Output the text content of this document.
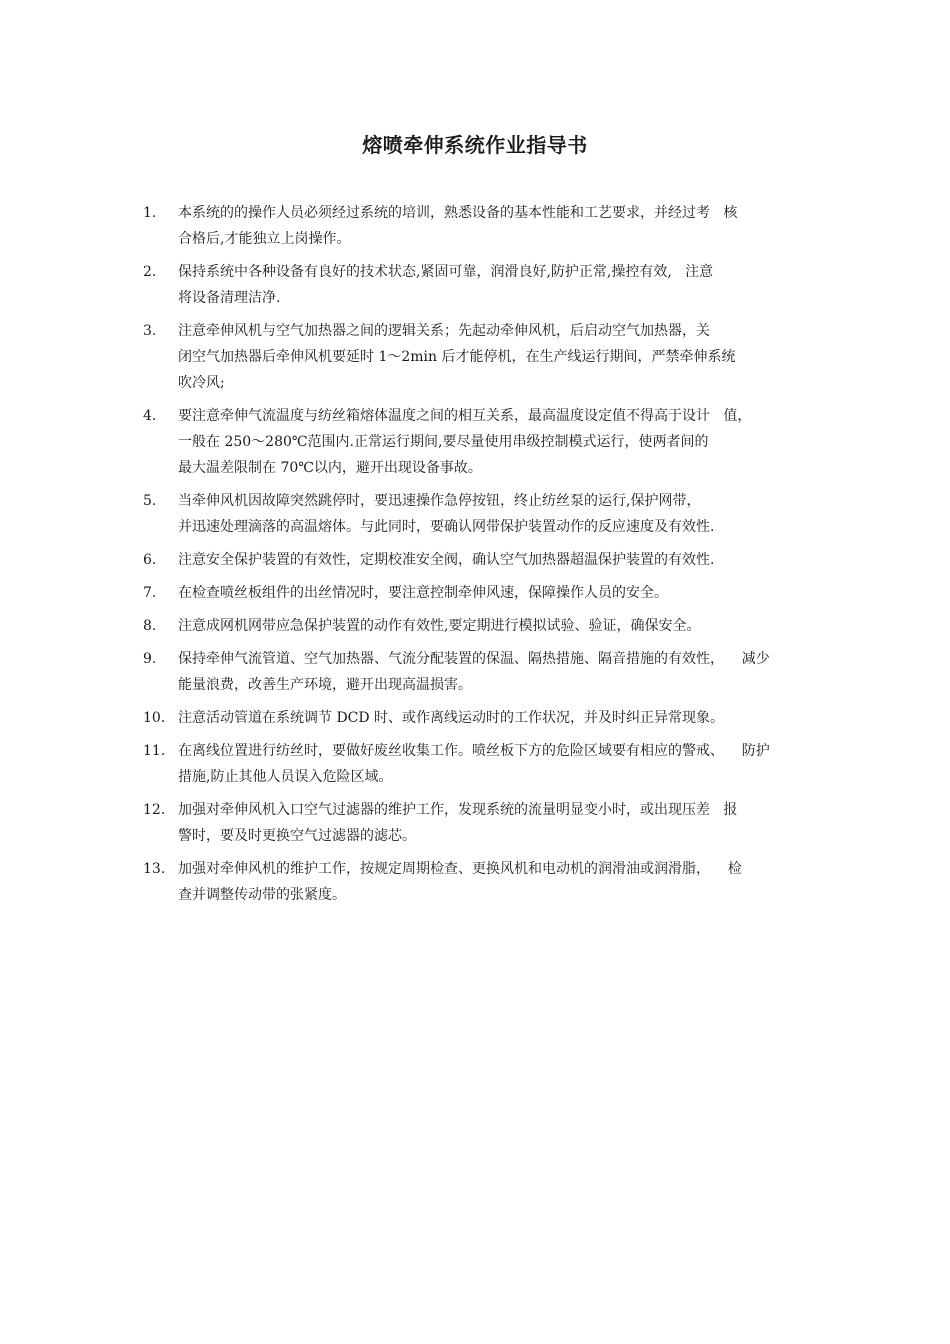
熔喷牵伸系统作业指导书
1.	本系统的的操作人员必须经过系统的培训，熟悉设备的基本性能和工艺要求，并经过考   核
合格后,才能独立上岗操作。
2.	保持系统中各种设备有良好的技术状态,紧固可靠，润滑良好,防护正常,操控有效,   注意
将设备清理洁净.
3.	注意牵伸风机与空气加热器之间的逻辑关系；先起动牵伸风机，后启动空气加热器，关
闭空气加热器后牵伸风机要延时 1～2min 后才能停机，在生产线运行期间，严禁牵伸系统
吹冷风;
4.	要注意牵伸气流温度与纺丝箱熔体温度之间的相互关系，最高温度设定值不得高于设计   值，
一般在 250～280℃范围内.正常运行期间,要尽量使用串级控制模式运行，使两者间的
最大温差限制在 70℃以内，避开出现设备事故。
5.	当牵伸风机因故障突然跳停时，要迅速操作急停按钮，终止纺丝泵的运行,保护网带，
并迅速处理滴落的高温熔体。与此同时，要确认网带保护装置动作的反应速度及有效性.
6.	注意安全保护装置的有效性，定期校准安全阀，确认空气加热器超温保护装置的有效性.
7.	在检查喷丝板组件的出丝情况时，要注意控制牵伸风速，保障操作人员的安全。
8.	注意成网机网带应急保护装置的动作有效性,要定期进行模拟试验、验证，确保安全。
9.	保持牵伸气流管道、空气加热器、气流分配装置的保温、隔热措施、隔音措施的有效性，    减少
能量浪费，改善生产环境，避开出现高温损害。
10. 注意活动管道在系统调节 DCD 时、或作离线运动时的工作状况，并及时纠正异常现象。
11. 在离线位置进行纺丝时，要做好废丝收集工作。喷丝板下方的危险区域要有相应的警戒、    防护
措施,防止其他人员误入危险区域。
12. 加强对牵伸风机入口空气过滤器的维护工作，发现系统的流量明显变小时，或出现压差   报
警时，要及时更换空气过滤器的滤芯。
13. 加强对牵伸风机的维护工作，按规定周期检查、更换风机和电动机的润滑油或润滑脂，    检
查并调整传动带的张紧度。
